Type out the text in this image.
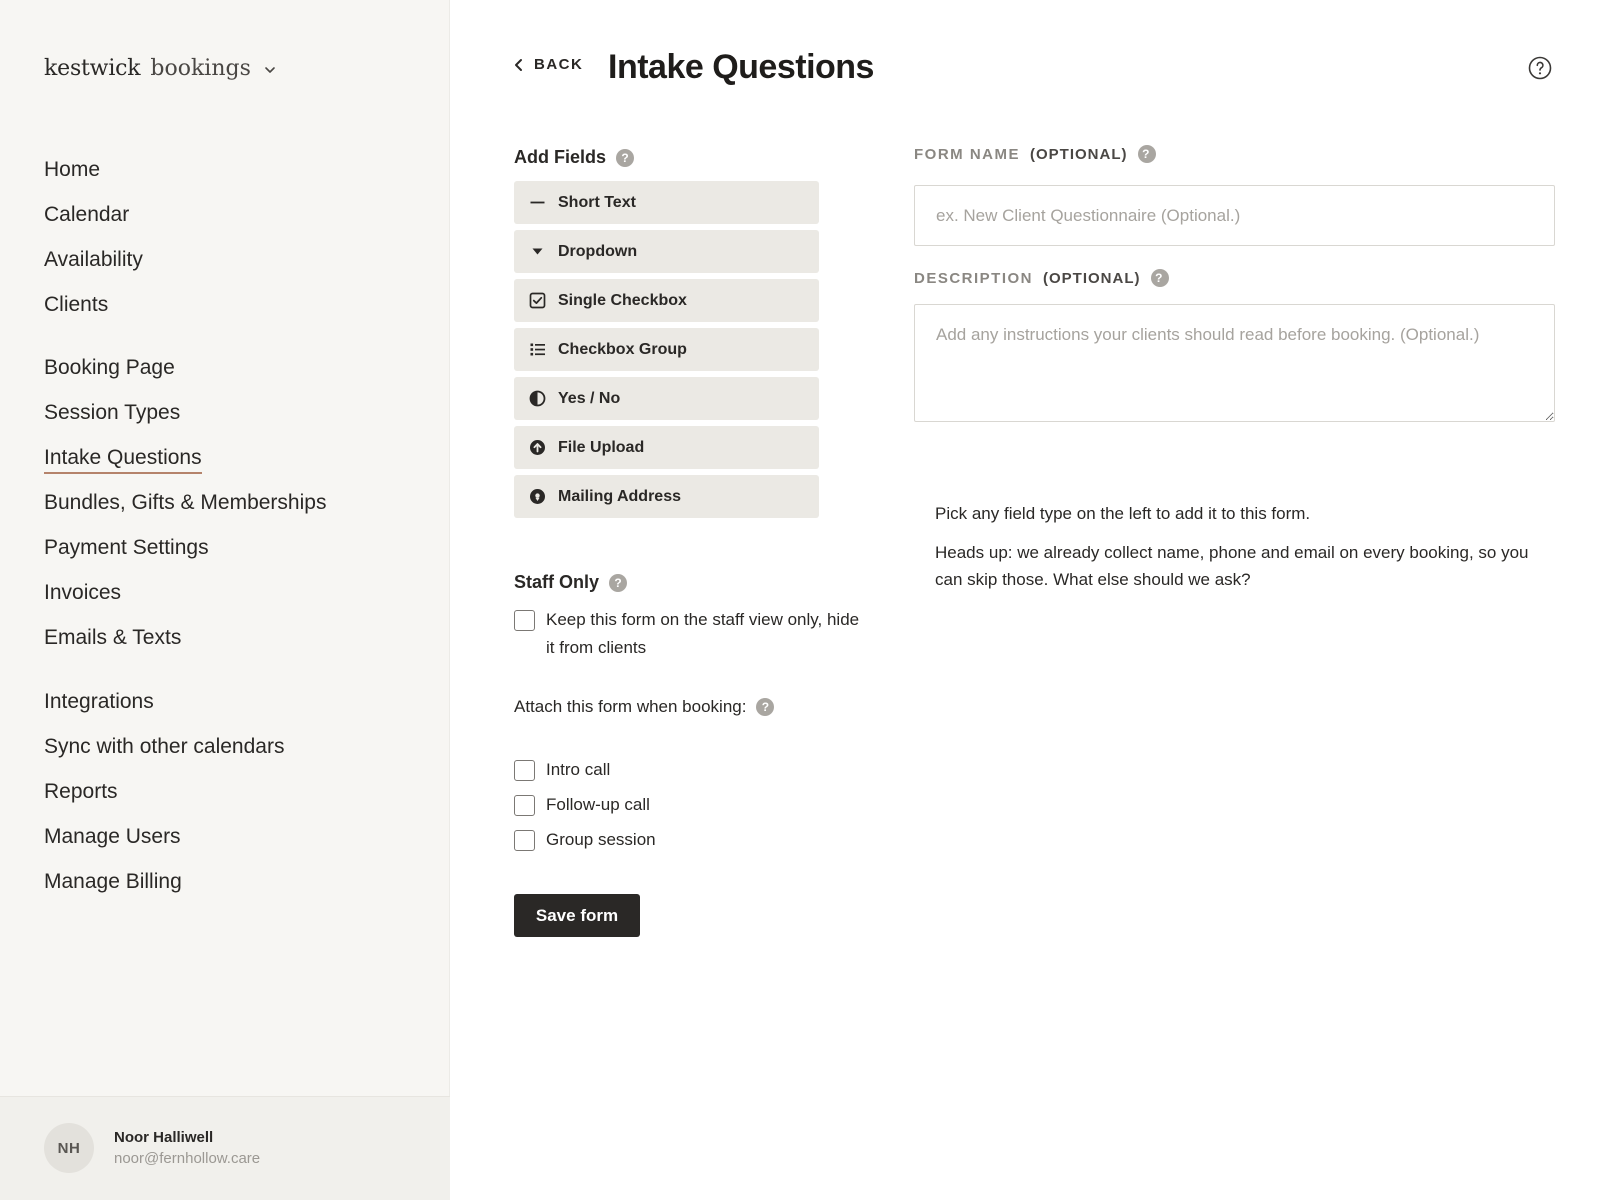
kestwick bookings
Home
Calendar
Availability
Clients
Booking Page
Session Types
Intake Questions
Bundles, Gifts & Memberships
Payment Settings
Invoices
Emails & Texts
Integrations
Sync with other calendars
Reports
Manage Users
Manage Billing
NH
Noor Halliwell
noor@fernhollow.care
BACK Intake Questions
Add Fields	?
Short Text
Dropdown
Single Checkbox
Checkbox Group
Yes / No
File Upload
Mailing Address
Staff Only	?
Keep this form on the staff view only, hide
it from clients
Attach this form when booking:	?
Intro call
Follow-up call
Group session
Save form
FORM NAME (OPTIONAL)	?
ex. New Client Questionnaire (Optional.)
DESCRIPTION (OPTIONAL)	?
Add any instructions your clients should read before booking. (Optional.)

Pick any field type on the left to add it to this form.

Heads up: we already collect name, phone and email on every booking, so you can skip those. What else should we ask?
